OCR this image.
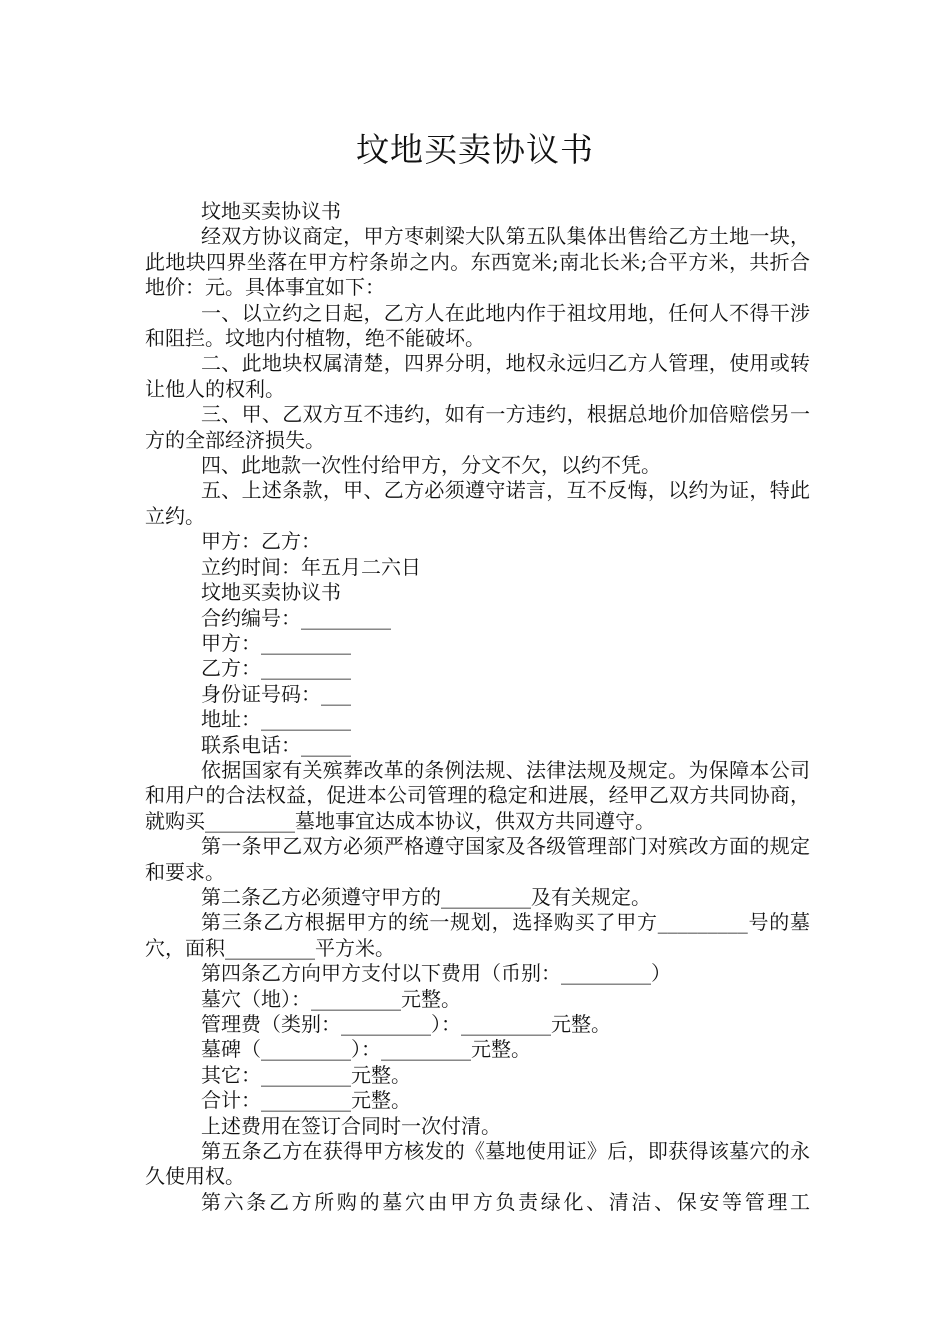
坟地买卖协议书

坟地买卖协议书

经双方协议商定，甲方枣刺梁大队第五队集体出售给乙方土地一块，此地块四界坐落在甲方柠条峁之内。东西宽米;南北长米;合平方米，共折合地价：元。具体事宜如下：

一、以立约之日起，乙方人在此地内作于祖坟用地，任何人不得干涉和阻拦。坟地内付植物，绝不能破坏。

二、此地块权属清楚，四界分明，地权永远归乙方人管理，使用或转让他人的权利。

三、甲、乙双方互不违约，如有一方违约，根据总地价加倍赔偿另一方的全部经济损失。

四、此地款一次性付给甲方，分文不欠，以约不凭。

五、上述条款，甲、乙方必须遵守诺言，互不反悔，以约为证，特此立约。

甲方：乙方：

立约时间：年五月二六日

坟地买卖协议书

合约编号：_________

甲方：_________

乙方：_________

身份证号码：___

地址：_________

联系电话：_____

依据国家有关殡葬改革的条例法规、法律法规及规定。为保障本公司和用户的合法权益，促进本公司管理的稳定和进展，经甲乙双方共同协商，就购买_________墓地事宜达成本协议，供双方共同遵守。

第一条甲乙双方必须严格遵守国家及各级管理部门对殡改方面的规定和要求。

第二条乙方必须遵守甲方的_________及有关规定。

第三条乙方根据甲方的统一规划，选择购买了甲方_________号的墓穴，面积_________平方米。

第四条乙方向甲方支付以下费用（币别：_________）

墓穴（地）：_________元整。

管理费（类别：_________）：_________元整。

墓碑（_________）：_________元整。

其它：_________元整。

合计：_________元整。

上述费用在签订合同时一次付清。

第五条乙方在获得甲方核发的《墓地使用证》后，即获得该墓穴的永久使用权。

第六条乙方所购的墓穴由甲方负责绿化、清洁、保安等管理工
